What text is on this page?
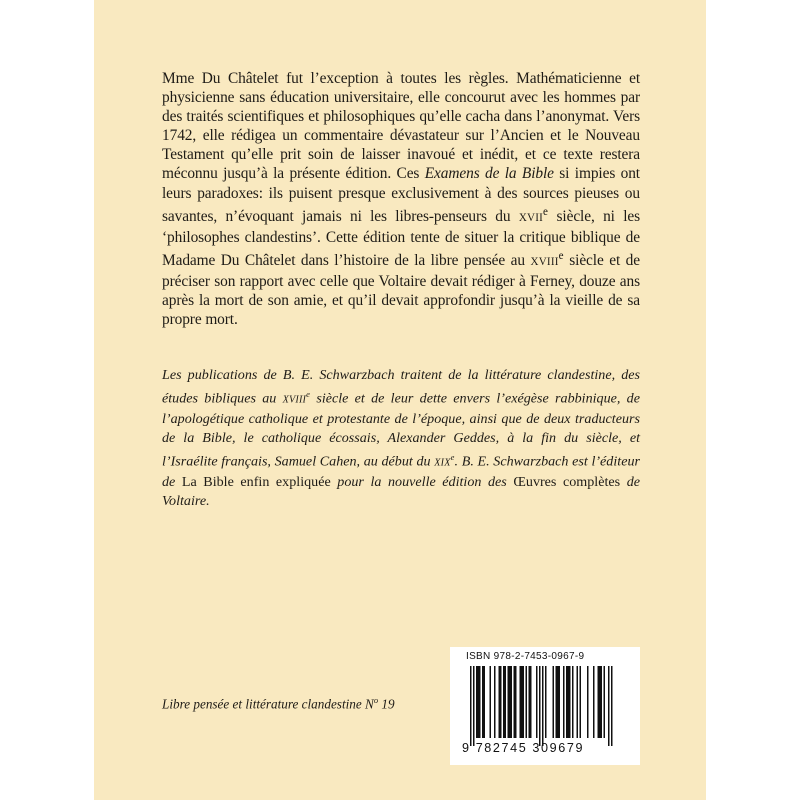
Mme Du Châtelet fut l’exception à toutes les règles. Mathématicienne et physicienne sans éducation universitaire, elle concourut avec les hommes par des traités scientifiques et philosophiques qu’elle cacha dans l’anonymat. Vers 1742, elle rédigea un commentaire dévastateur sur l’Ancien et le Nouveau Testament qu’elle prit soin de laisser inavoué et inédit, et ce texte restera méconnu jusqu’à la présente édition. Ces Examens de la Bible si impies ont leurs paradoxes: ils puisent presque exclusivement à des sources pieuses ou savantes, n’évoquant jamais ni les libres-penseurs du XVIIe siècle, ni les ‘philosophes clandestins’. Cette édition tente de situer la critique biblique de Madame Du Châtelet dans l’histoire de la libre pensée au XVIIIe siècle et de préciser son rapport avec celle que Voltaire devait rédiger à Ferney, douze ans après la mort de son amie, et qu’il devait approfondir jusqu’à la vieille de sa propre mort.

Les publications de B. E. Schwarzbach traitent de la littérature clandestine, des études bibliques au XVIIIe siècle et de leur dette envers l’exégèse rabbinique, de l’apologétique catholique et protestante de l’époque, ainsi que de deux traducteurs de la Bible, le catholique écossais, Alexander Geddes, à la fin du siècle, et l’Israélite français, Samuel Cahen, au début du XIXe. B. E. Schwarzbach est l’éditeur de La Bible enfin expliquée pour la nouvelle édition des Œuvres complètes de Voltaire.

Libre pensée et littérature clandestine $N^o$ 19
ISBN 978-2-7453-0967-9
9 782745 309679
